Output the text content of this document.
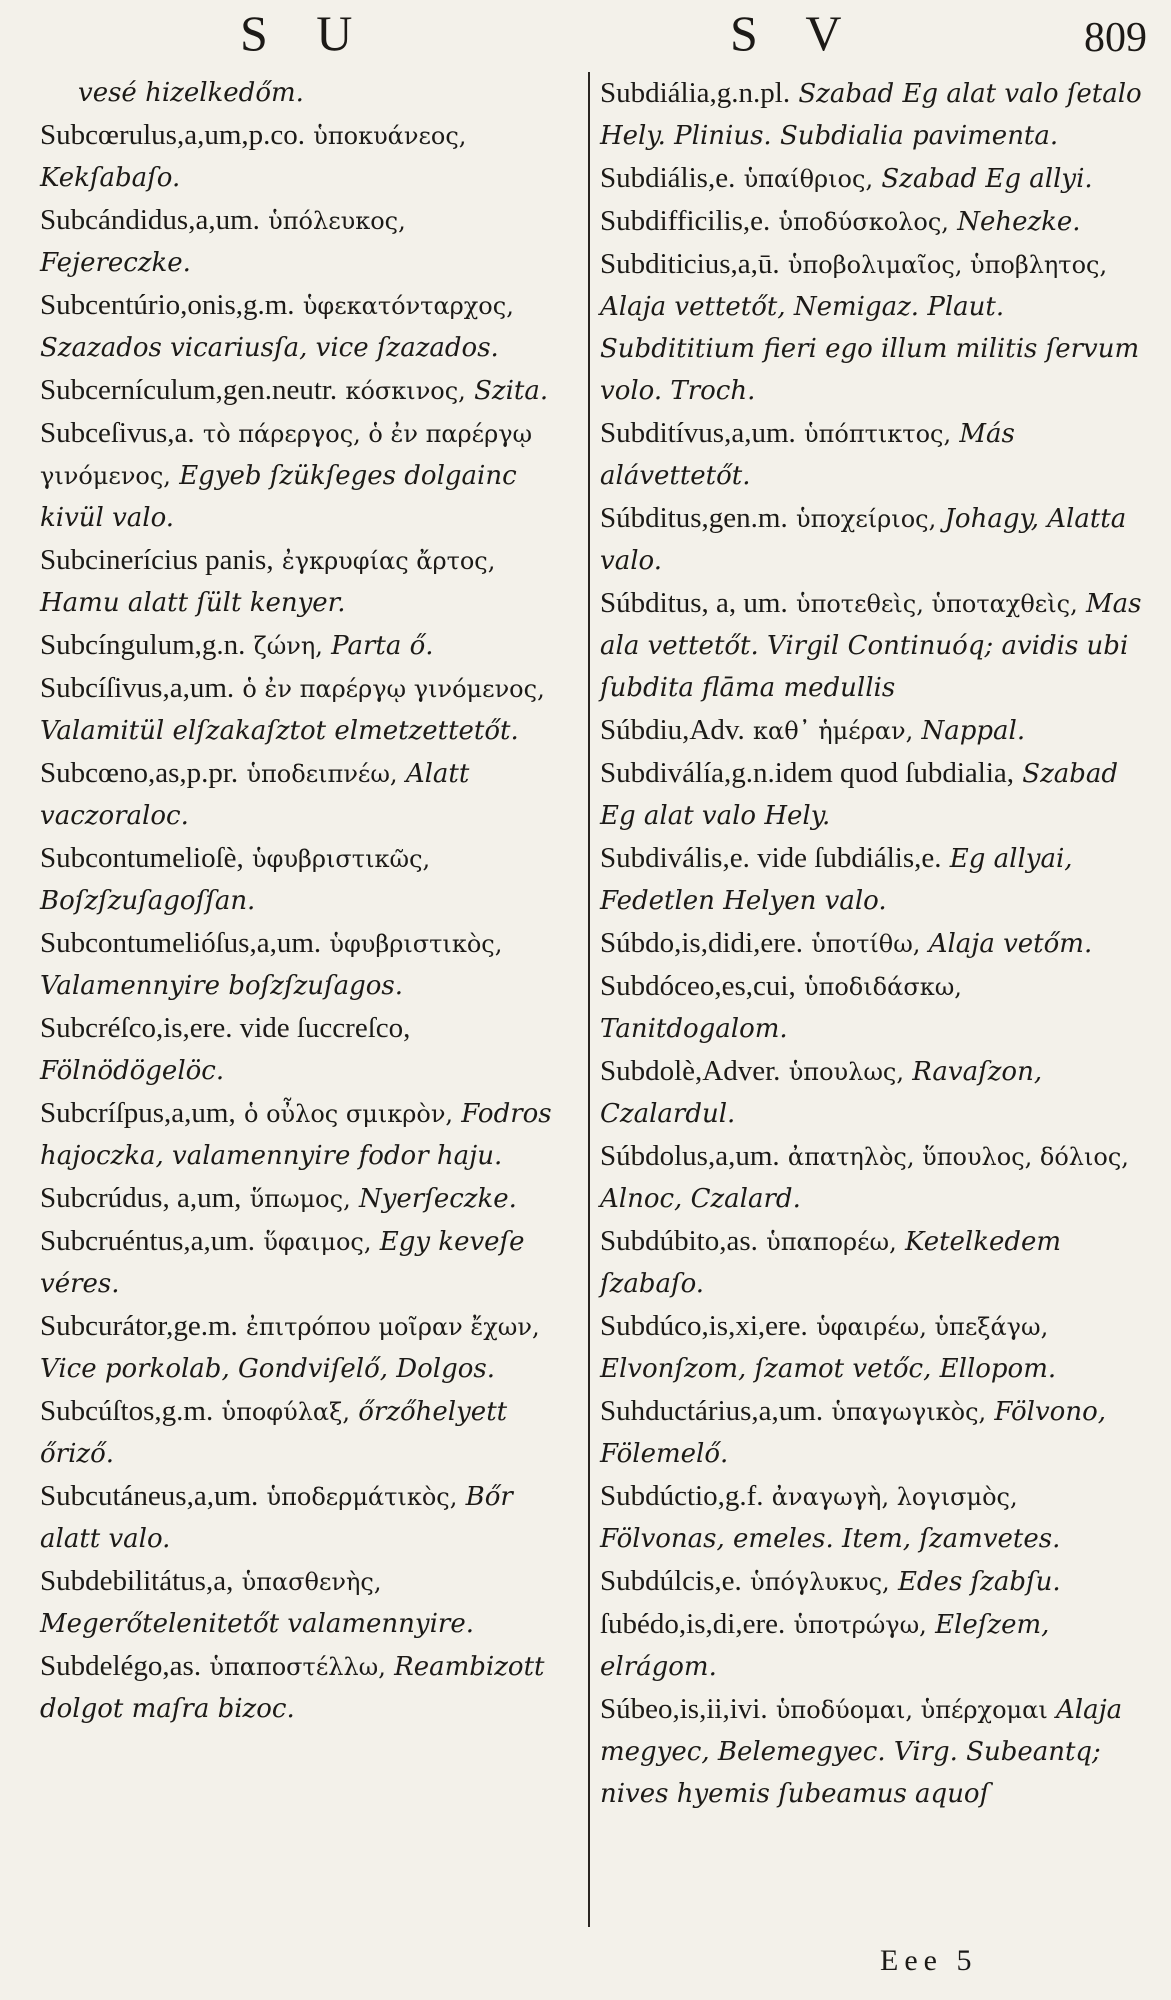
S U	S V	809
vesé hizelkedőm.
Subcœrulus,a,um,p.co. ὑποκυάνεος, Kekſabaſo.
Subcándidus,a,um. ὑπόλευκος, Fejereczke.
Subcentúrio,onis,g.m. ὑφεκατόνταρχος, Szazados vicariusſa, vice ſzazados.
Subcernículum,gen.neutr. κόσκινος, Szita.
Subceſivus,a. τὸ πάρεργος, ὁ ἐν παρέργῳ γινόμενος, Egyeb ſzükſeges dolgainc kivül valo.
Subcinerícius panis, ἐγκρυφίας ἄρτος, Hamu alatt ſült kenyer.
Subcíngulum,g.n. ζώνη, Parta ő.
Subcíſivus,a,um. ὁ ἐν παρέργῳ γινόμενος, Valamitül elſzakaſztot elmetzettetőt.
Subcœno,as,p.pr. ὑποδειπνέω, Alatt vaczoraloc.
Subcontumelioſè, ὑφυβριστικῶς, Boſzſzuſagoſſan.
Subcontumelióſus,a,um. ὑφυβριστικὸς, Valamennyire boſzſzuſagos.
Subcréſco,is,ere. vide ſuccreſco, Fölnödögelöc.
Subcríſpus,a,um, ὁ οὖλος σμικρὸν, Fodros hajoczka, valamennyire fodor haju.
Subcrúdus, a,um, ὕπωμος, Nyerſeczke.
Subcruéntus,a,um. ὕφαιμος, Egy keveſe véres.
Subcurátor,ge.m. ἐπιτρόπου μοῖραν ἔχων, Vice porkolab, Gondviſelő, Dolgos.
Subcúſtos,g.m. ὑποφύλαξ, őrzőhelyett őriző.
Subcutáneus,a,um. ὑποδερμάτικὸς, Bőr alatt valo.
Subdebilitátus,a, ὑπασθενὴς, Megerőtelenitetőt valamennyire.
Subdelégo,as. ὑπαποστέλλω, Reambizott dolgot maſra bizoc.
Subdiália,g.n.pl. Szabad Eg alat valo ſetalo Hely. Plinius. Subdialia pavimenta.
Subdiális,e. ὑπαίθριος, Szabad Eg allyi.
Subdifficilis,e. ὑποδύσκολος, Nehezke.
Subditicius,a,ū. ὑποβολιμαῖος, ὑποβλητος, Alaja vettetőt, Nemigaz. Plaut. Subdititium fieri ego illum militis ſervum volo. Troch.
Subditívus,a,um. ὑπόπτικτος, Más alávettetőt.
Súbditus,gen.m. ὑποχείριος, Johagy, Alatta valo.
Súbditus, a, um. ὑποτεθεὶς, ὑποταχθεὶς, Mas ala vettetőt. Virgil Continuóq; avidis ubi ſubdita flāma medullis
Súbdiu,Adv. καθ᾽ ἡμέραν, Nappal.
Subdiválía,g.n.idem quod ſubdialia, Szabad Eg alat valo Hely.
Subdivális,e. vide ſubdiális,e. Eg allyai, Fedetlen Helyen valo.
Súbdo,is,didi,ere. ὑποτίθω, Alaja vetőm.
Subdóceo,es,cui, ὑποδιδάσκω, Tanitdogalom.
Subdolè,Adver. ὑπουλως, Ravaſzon, Czalardul.
Súbdolus,a,um. ἀπατηλὸς, ὕπουλος, δόλιος, Alnoc, Czalard.
Subdúbito,as. ὑπαπορέω, Ketelkedem ſzabaſo.
Subdúco,is,xi,ere. ὑφαιρέω, ὑπεξάγω, Elvonſzom, ſzamot vetőc, Ellopom.
Suhductárius,a,um. ὑπαγωγικὸς, Fölvono, Fölemelő.
Subdúctio,g.f. ἀναγωγὴ, λογισμὸς, Fölvonas, emeles. Item, ſzamvetes.
Subdúlcis,e. ὑπόγλυκυς, Edes ſzabſu.
ſubédo,is,di,ere. ὑποτρώγω, Eleſzem, elrágom.
Súbeo,is,ii,ivi. ὑποδύομαι, ὑπέρχομαι Alaja megyec, Belemegyec. Virg. Subeantq; nives hyemis ſubeamus aquoſ
Eee 5
